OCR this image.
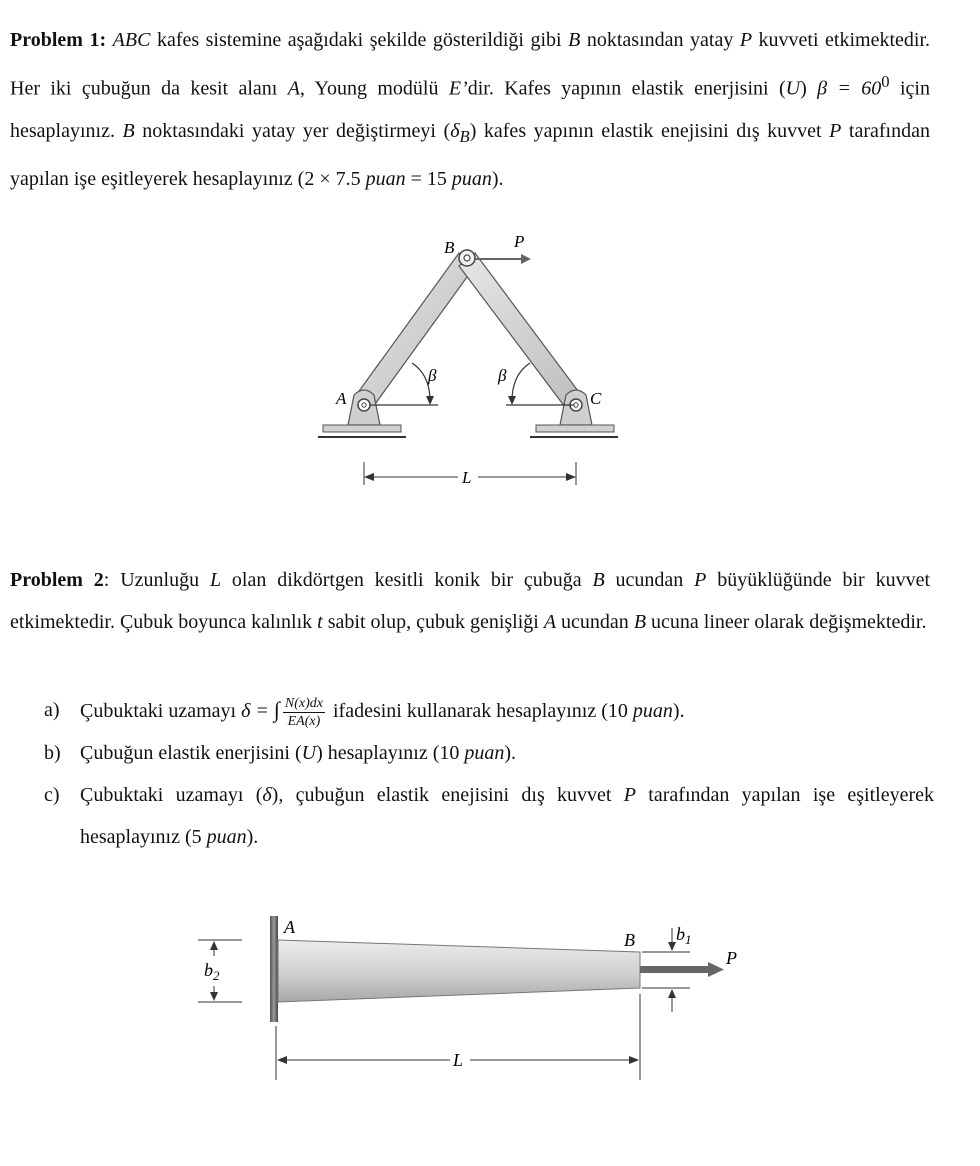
Problem 1: ABC kafes sistemine aşağıdaki şekilde gösterildiği gibi B noktasından yatay P kuvveti etkimektedir. Her iki çubuğun da kesit alanı A, Young modülü E’dir. Kafes yapının elastik enerjisini (U) $\beta = 60^0$ için hesaplayınız. B noktasındaki yatay yer değiştirmeyi $(\delta_B)$ kafes yapının elastik enejisini dış kuvvet P tarafından yapılan işe eşitleyerek hesaplayınız (2 × 7.5 puan = 15 puan).
A
B	P
C
β	β
L
Problem 2: Uzunluğu L olan dikdörtgen kesitli konik bir çubuğa B ucundan P büyüklüğünde bir kuvvet etkimektedir. Çubuk boyunca kalınlık t sabit olup, çubuk genişliği A ucundan B ucuna lineer olarak değişmektedir.
a) Çubuktaki uzamayı δ = ∫ $\frac{N(x)dx}{EA(x)}$ ifadesini kullanarak hesaplayınız (10 puan).
b) Çubuğun elastik enerjisini (U) hesaplayınız (10 puan).
c) Çubuktaki uzamayı (δ), çubuğun elastik enejisini dış kuvvet P tarafından yapılan işe eşitleyerek hesaplayınız (5 puan).
A
B $b_1$
$b_2$
P
L
